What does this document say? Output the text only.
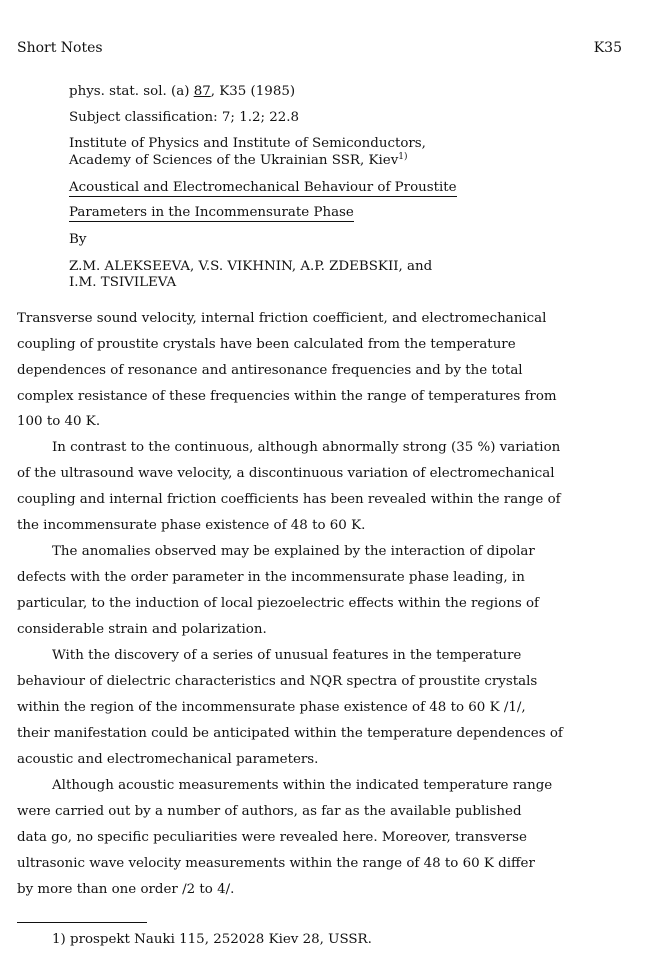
Short Notes	K35
phys. stat. sol. (a) 87, K35 (1985)
Subject classification: 7; 1.2; 22.8
Institute of Physics and Institute of Semiconductors,
Academy of Sciences of the Ukrainian SSR, Kiev$^{1)}$
Acoustical and Electromechanical Behaviour of Proustite
Parameters in the Incommensurate Phase
By
Z.M. ALEKSEEVA, V.S. VIKHNIN, A.P. ZDEBSKII, and
I.M. TSIVILEVA
Transverse sound velocity, internal friction coefficient, and electromechanical
coupling of proustite crystals have been calculated from the temperature
dependences of resonance and antiresonance frequencies and by the total
complex resistance of these frequencies within the range of temperatures from
100 to 40 K.
In contrast to the continuous, although abnormally strong (35 %) variation
of the ultrasound wave velocity, a discontinuous variation of electromechanical
coupling and internal friction coefficients has been revealed within the range of
the incommensurate phase existence of 48 to 60 K.
The anomalies observed may be explained by the interaction of dipolar
defects with the order parameter in the incommensurate phase leading, in
particular, to the induction of local piezoelectric effects within the regions of
considerable strain and polarization.
With the discovery of a series of unusual features in the temperature
behaviour of dielectric characteristics and NQR spectra of proustite crystals
within the region of the incommensurate phase existence of 48 to 60 K /1/,
their manifestation could be anticipated within the temperature dependences of
acoustic and electromechanical parameters.
Although acoustic measurements within the indicated temperature range
were carried out by a number of authors, as far as the available published
data go, no specific peculiarities were revealed here. Moreover, transverse
ultrasonic wave velocity measurements within the range of 48 to 60 K differ
by more than one order /2 to 4/.
1) prospekt Nauki 115, 252028 Kiev 28, USSR.
